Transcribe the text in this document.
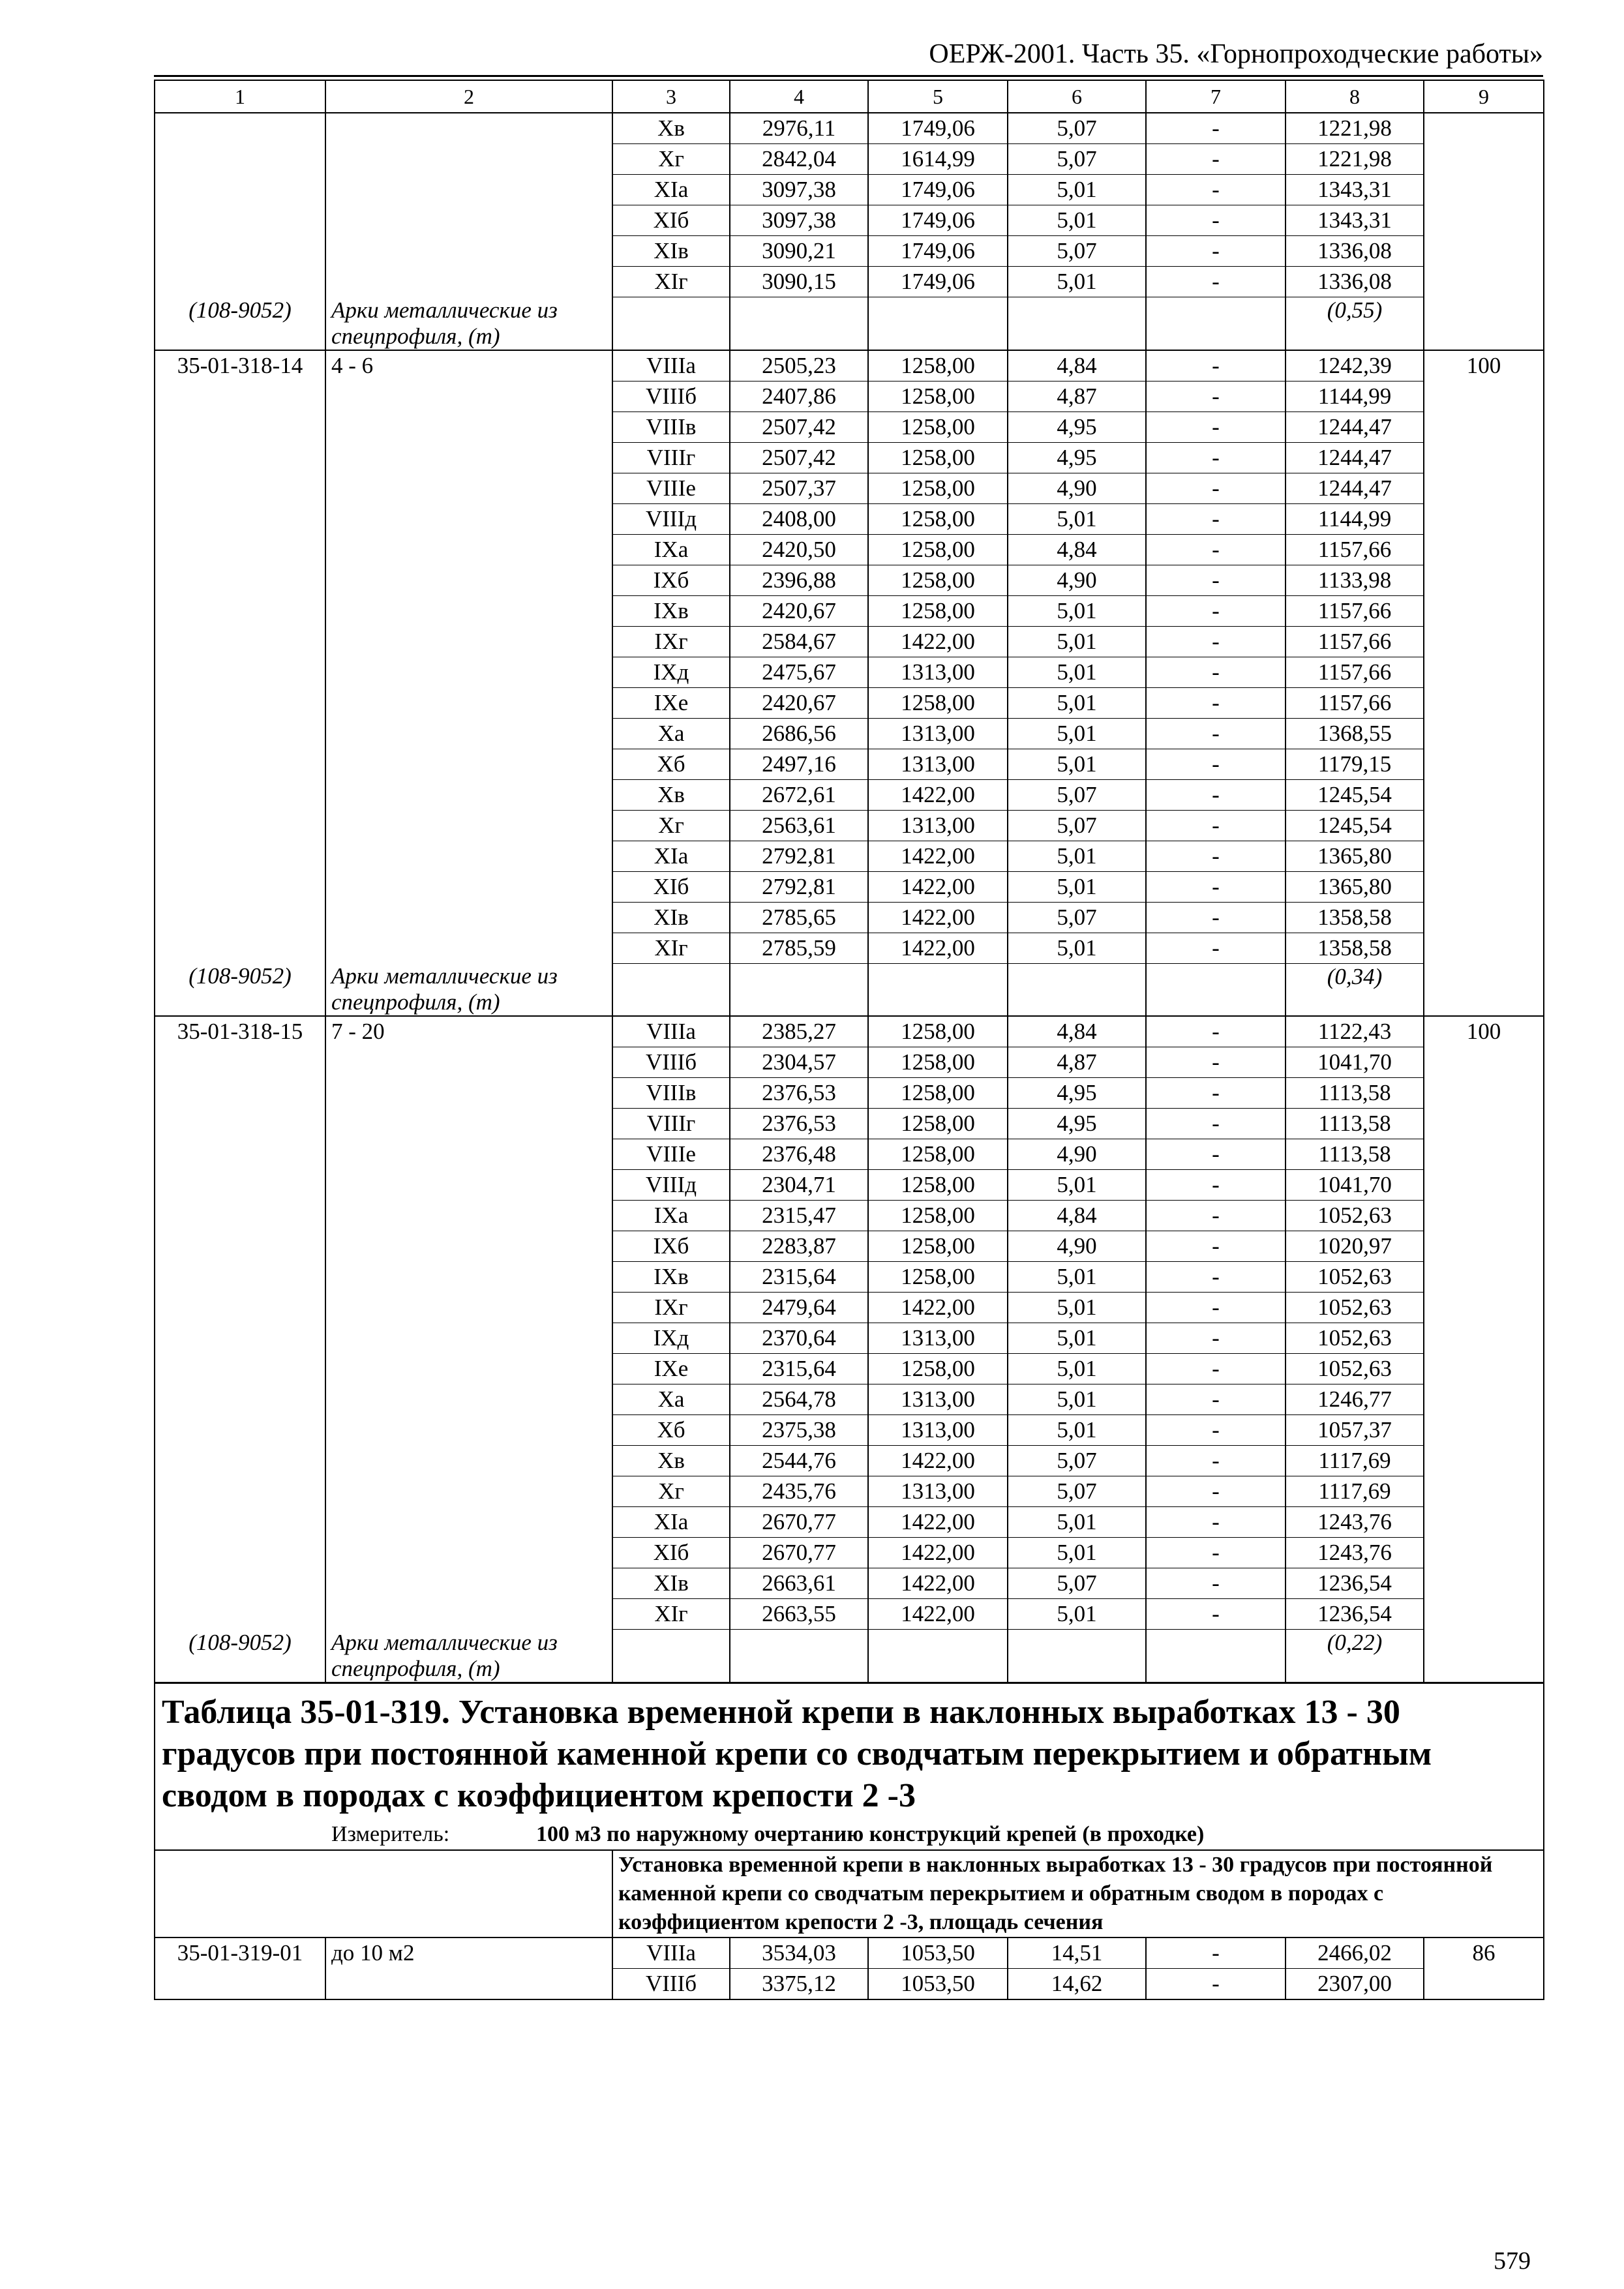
ОЕРЖ-2001. Часть 35. «Горнопроходческие работы»
1	2	3	4	5	6	7	8	9
		Xв	2976,11	1749,06	5,07	-	1221,98	
		Xг	2842,04	1614,99	5,07	-	1221,98	
		XIа	3097,38	1749,06	5,01	-	1343,31	
		XIб	3097,38	1749,06	5,01	-	1343,31	
		XIв	3090,21	1749,06	5,07	-	1336,08	
		XIг	3090,15	1749,06	5,01	-	1336,08	
(108-9052)	Арки металлические из спецпрофиля, (т)						(0,55)	
35-01-318-14	4 - 6	VIIIа	2505,23	1258,00	4,84	-	1242,39	100
		VIIIб	2407,86	1258,00	4,87	-	1144,99	
		VIIIв	2507,42	1258,00	4,95	-	1244,47	
		VIIIг	2507,42	1258,00	4,95	-	1244,47	
		VIIIе	2507,37	1258,00	4,90	-	1244,47	
		VIIIд	2408,00	1258,00	5,01	-	1144,99	
		IXа	2420,50	1258,00	4,84	-	1157,66	
		IXб	2396,88	1258,00	4,90	-	1133,98	
		IXв	2420,67	1258,00	5,01	-	1157,66	
		IXг	2584,67	1422,00	5,01	-	1157,66	
		IXд	2475,67	1313,00	5,01	-	1157,66	
		IXе	2420,67	1258,00	5,01	-	1157,66	
		Xа	2686,56	1313,00	5,01	-	1368,55	
		Xб	2497,16	1313,00	5,01	-	1179,15	
		Xв	2672,61	1422,00	5,07	-	1245,54	
		Xг	2563,61	1313,00	5,07	-	1245,54	
		XIа	2792,81	1422,00	5,01	-	1365,80	
		XIб	2792,81	1422,00	5,01	-	1365,80	
		XIв	2785,65	1422,00	5,07	-	1358,58	
		XIг	2785,59	1422,00	5,01	-	1358,58	
(108-9052)	Арки металлические из спецпрофиля, (т)						(0,34)	
35-01-318-15	7 - 20	VIIIа	2385,27	1258,00	4,84	-	1122,43	100
		VIIIб	2304,57	1258,00	4,87	-	1041,70	
		VIIIв	2376,53	1258,00	4,95	-	1113,58	
		VIIIг	2376,53	1258,00	4,95	-	1113,58	
		VIIIе	2376,48	1258,00	4,90	-	1113,58	
		VIIIд	2304,71	1258,00	5,01	-	1041,70	
		IXа	2315,47	1258,00	4,84	-	1052,63	
		IXб	2283,87	1258,00	4,90	-	1020,97	
		IXв	2315,64	1258,00	5,01	-	1052,63	
		IXг	2479,64	1422,00	5,01	-	1052,63	
		IXд	2370,64	1313,00	5,01	-	1052,63	
		IXе	2315,64	1258,00	5,01	-	1052,63	
		Xа	2564,78	1313,00	5,01	-	1246,77	
		Xб	2375,38	1313,00	5,01	-	1057,37	
		Xв	2544,76	1422,00	5,07	-	1117,69	
		Xг	2435,76	1313,00	5,07	-	1117,69	
		XIа	2670,77	1422,00	5,01	-	1243,76	
		XIб	2670,77	1422,00	5,01	-	1243,76	
		XIв	2663,61	1422,00	5,07	-	1236,54	
		XIг	2663,55	1422,00	5,01	-	1236,54	
(108-9052)	Арки металлические из спецпрофиля, (т)						(0,22)	
Таблица 35-01-319. Установка временной крепи в наклонных выработках 13 - 30 градусов при постоянной каменной крепи со сводчатым перекрытием и обратным сводом в породах с коэффициентом крепости 2 -3								
Измеритель: 100 м3 по наружному очертанию конструкций крепей (в проходке)								
		Установка временной крепи в наклонных выработках 13 - 30 градусов при постоянной каменной крепи со сводчатым перекрытием и обратным сводом в породах с коэффициентом крепости 2 -3, площадь сечения						
35-01-319-01	до 10 м2	VIIIа	3534,03	1053,50	14,51	-	2466,02	86
		VIIIб	3375,12	1053,50	14,62	-	2307,00	
579
